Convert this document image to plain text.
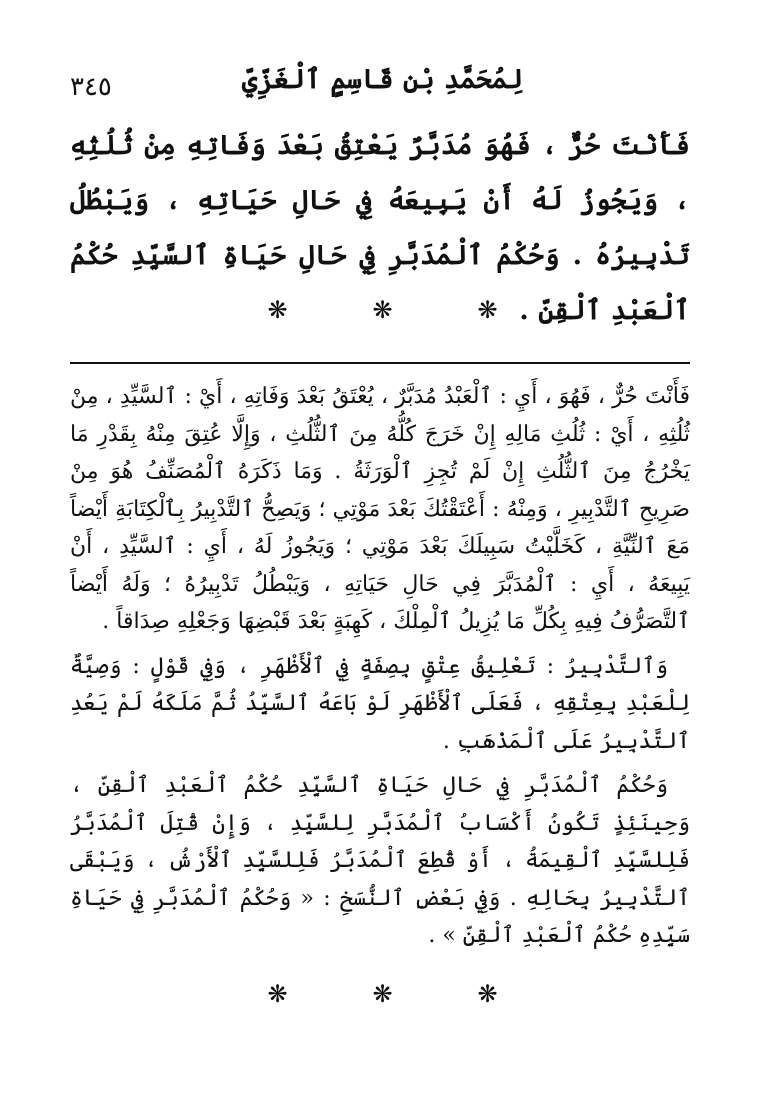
لِمُحَمَّدِ بْنِ قَاسِمٍ ٱلْغَزِّيِّ
٣٤٥
فَأَنْتَ حُرٌّ ، فَهُوَ مُدَبَّرٌ يَعْتِقُ بَعْدَ وَفَاتِهِ مِنْ ثُلُثِهِ ، وَيَجُوزُ لَهُ أَنْ يَبِيعَهُ فِي حَالِ حَيَاتِهِ ، وَيَبْطُلُ تَدْبِيرُهُ . وَحُكْمُ ٱلْمُدَبَّرِ فِي حَالِ حَيَاةِ ٱلسَّيِّدِ حُكْمُ ٱلْعَبْدِ ٱلْقِنِّ .
❋	❋	❋

فَأَنْتَ حُرٌّ ، فَهُوَ ، أَيِ : ٱلْعَبْدُ مُدَبَّرٌ ، يُعْتَقُ بَعْدَ وَفَاتِهِ ، أَيْ : ٱلسَّيِّدِ ، مِنْ ثُلُثِهِ ، أَيْ : ثُلُثِ مَالِهِ إِنْ خَرَجَ كُلُّهُ مِنَ ٱلثُّلُثِ ، وَإِلَّا عُتِقَ مِنْهُ بِقَدْرِ مَا يَخْرُجُ مِنَ ٱلثُّلُثِ إِنْ لَمْ تُجِزِ ٱلْوَرَثَةُ . وَمَا ذَكَرَهُ ٱلْمُصَنِّفُ هُوَ مِنْ صَرِيحِ ٱلتَّدْبِيرِ ، وَمِنْهُ : أَعْتَقْتُكَ بَعْدَ مَوْتِي ؛ وَيَصِحُّ ٱلتَّدْبِيرُ بِٱلْكِتَابَةِ أَيْضاً مَعَ ٱلنِّيَّةِ ، كَخَلَّيْتُ سَبِيلَكَ بَعْدَ مَوْتِي ؛ وَيَجُوزُ لَهُ ، أَيِ : ٱلسَّيِّدِ ، أَنْ يَبِيعَهُ ، أَيِ : ٱلْمُدَبَّرَ فِي حَالِ حَيَاتِهِ ، وَيَبْطُلُ تَدْبِيرُهُ ؛ وَلَهُ أَيْضاً ٱلتَّصَرُّفُ فِيهِ بِكُلِّ مَا يُزِيلُ ٱلْمِلْكَ ، كَهِبَةٍ بَعْدَ قَبْضِهَا وَجَعْلِهِ صِدَاقاً .

وَٱلتَّدْبِيرُ : تَعْلِيقُ عِتْقٍ بِصِفَةٍ فِي ٱلْأَظْهَرِ ، وَفِي قَوْلٍ : وَصِيَّةٌ لِلْعَبْدِ بِعِتْقِهِ ، فَعَلَى ٱلْأَظْهَرِ لَوْ بَاعَهُ ٱلسَّيِّدُ ثُمَّ مَلَكَهُ لَمْ يَعُدِ ٱلتَّدْبِيرُ عَلَى ٱلْمَذْهَبِ .

وَحُكْمُ ٱلْمُدَبَّرِ فِي حَالِ حَيَاةِ ٱلسَّيِّدِ حُكْمُ ٱلْعَبْدِ ٱلْقِنِّ ، وَحِينَئِذٍ تَكُونُ أَكْسَابُ ٱلْمُدَبَّرِ لِلسَّيِّدِ ، وَإِنْ قُتِلَ ٱلْمُدَبَّرُ فَلِلسَّيِّدِ ٱلْقِيمَةُ ، أَوْ قُطِعَ ٱلْمُدَبَّرُ فَلِلسَّيِّدِ ٱلْأَرْشُ ، وَيَبْقَى ٱلتَّدْبِيرُ بِحَالِهِ . وَفِي بَعْضِ ٱلنُّسَخِ : « وَحُكْمُ ٱلْمُدَبَّرِ فِي حَيَاةِ سَيِّدِهِ حُكْمُ ٱلْعَبْدِ ٱلْقِنِّ » .

❋	❋	❋
